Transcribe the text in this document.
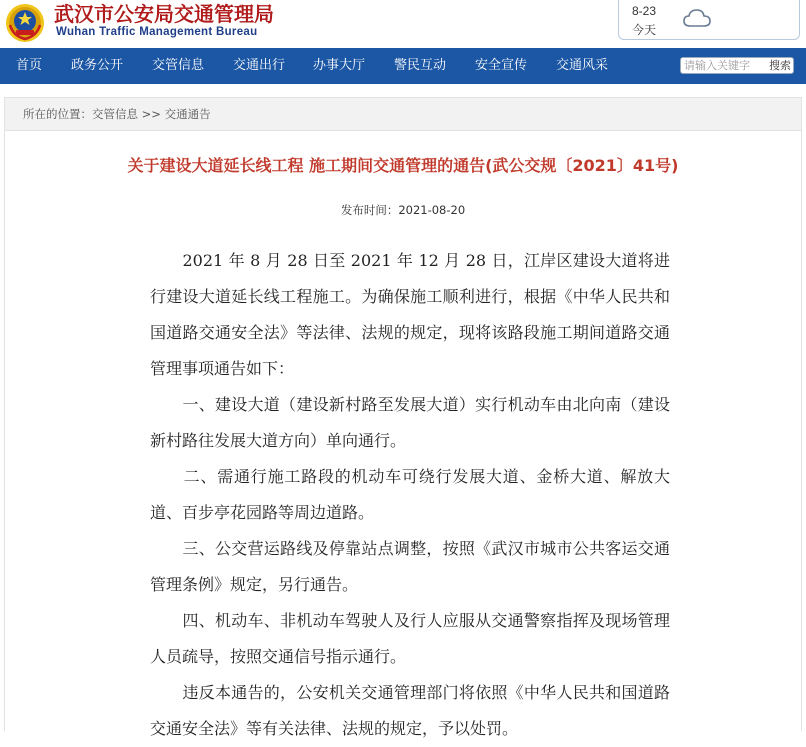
武汉市公安局交通管理局
Wuhan Traffic Management Bureau
8-23
今天
首页 政务公开 交管信息 交通出行 办事大厅 警民互动 安全宣传 交通风采
请输入关键字	搜索
所在的位置：交管信息 >> 交通通告
关于建设大道延长线工程 施工期间交通管理的通告(武公交规〔2021〕41号)
发布时间：2021-08-20
　　2021 年 8 月 28 日至 2021 年 12 月 28 日，江岸区建设大道将进行建设大道延长线工程施工。为确保施工顺利进行，根据《中华人民共和国道路交通安全法》等法律、法规的规定，现将该路段施工期间道路交通管理事项通告如下：
　　一、建设大道（建设新村路至发展大道）实行机动车由北向南（建设新村路往发展大道方向）单向通行。
　　二、需通行施工路段的机动车可绕行发展大道、金桥大道、解放大道、百步亭花园路等周边道路。
　　三、公交营运路线及停靠站点调整，按照《武汉市城市公共客运交通管理条例》规定，另行通告。
　　四、机动车、非机动车驾驶人及行人应服从交通警察指挥及现场管理人员疏导，按照交通信号指示通行。
　　违反本通告的，公安机关交通管理部门将依照《中华人民共和国道路交通安全法》等有关法律、法规的规定，予以处罚。
